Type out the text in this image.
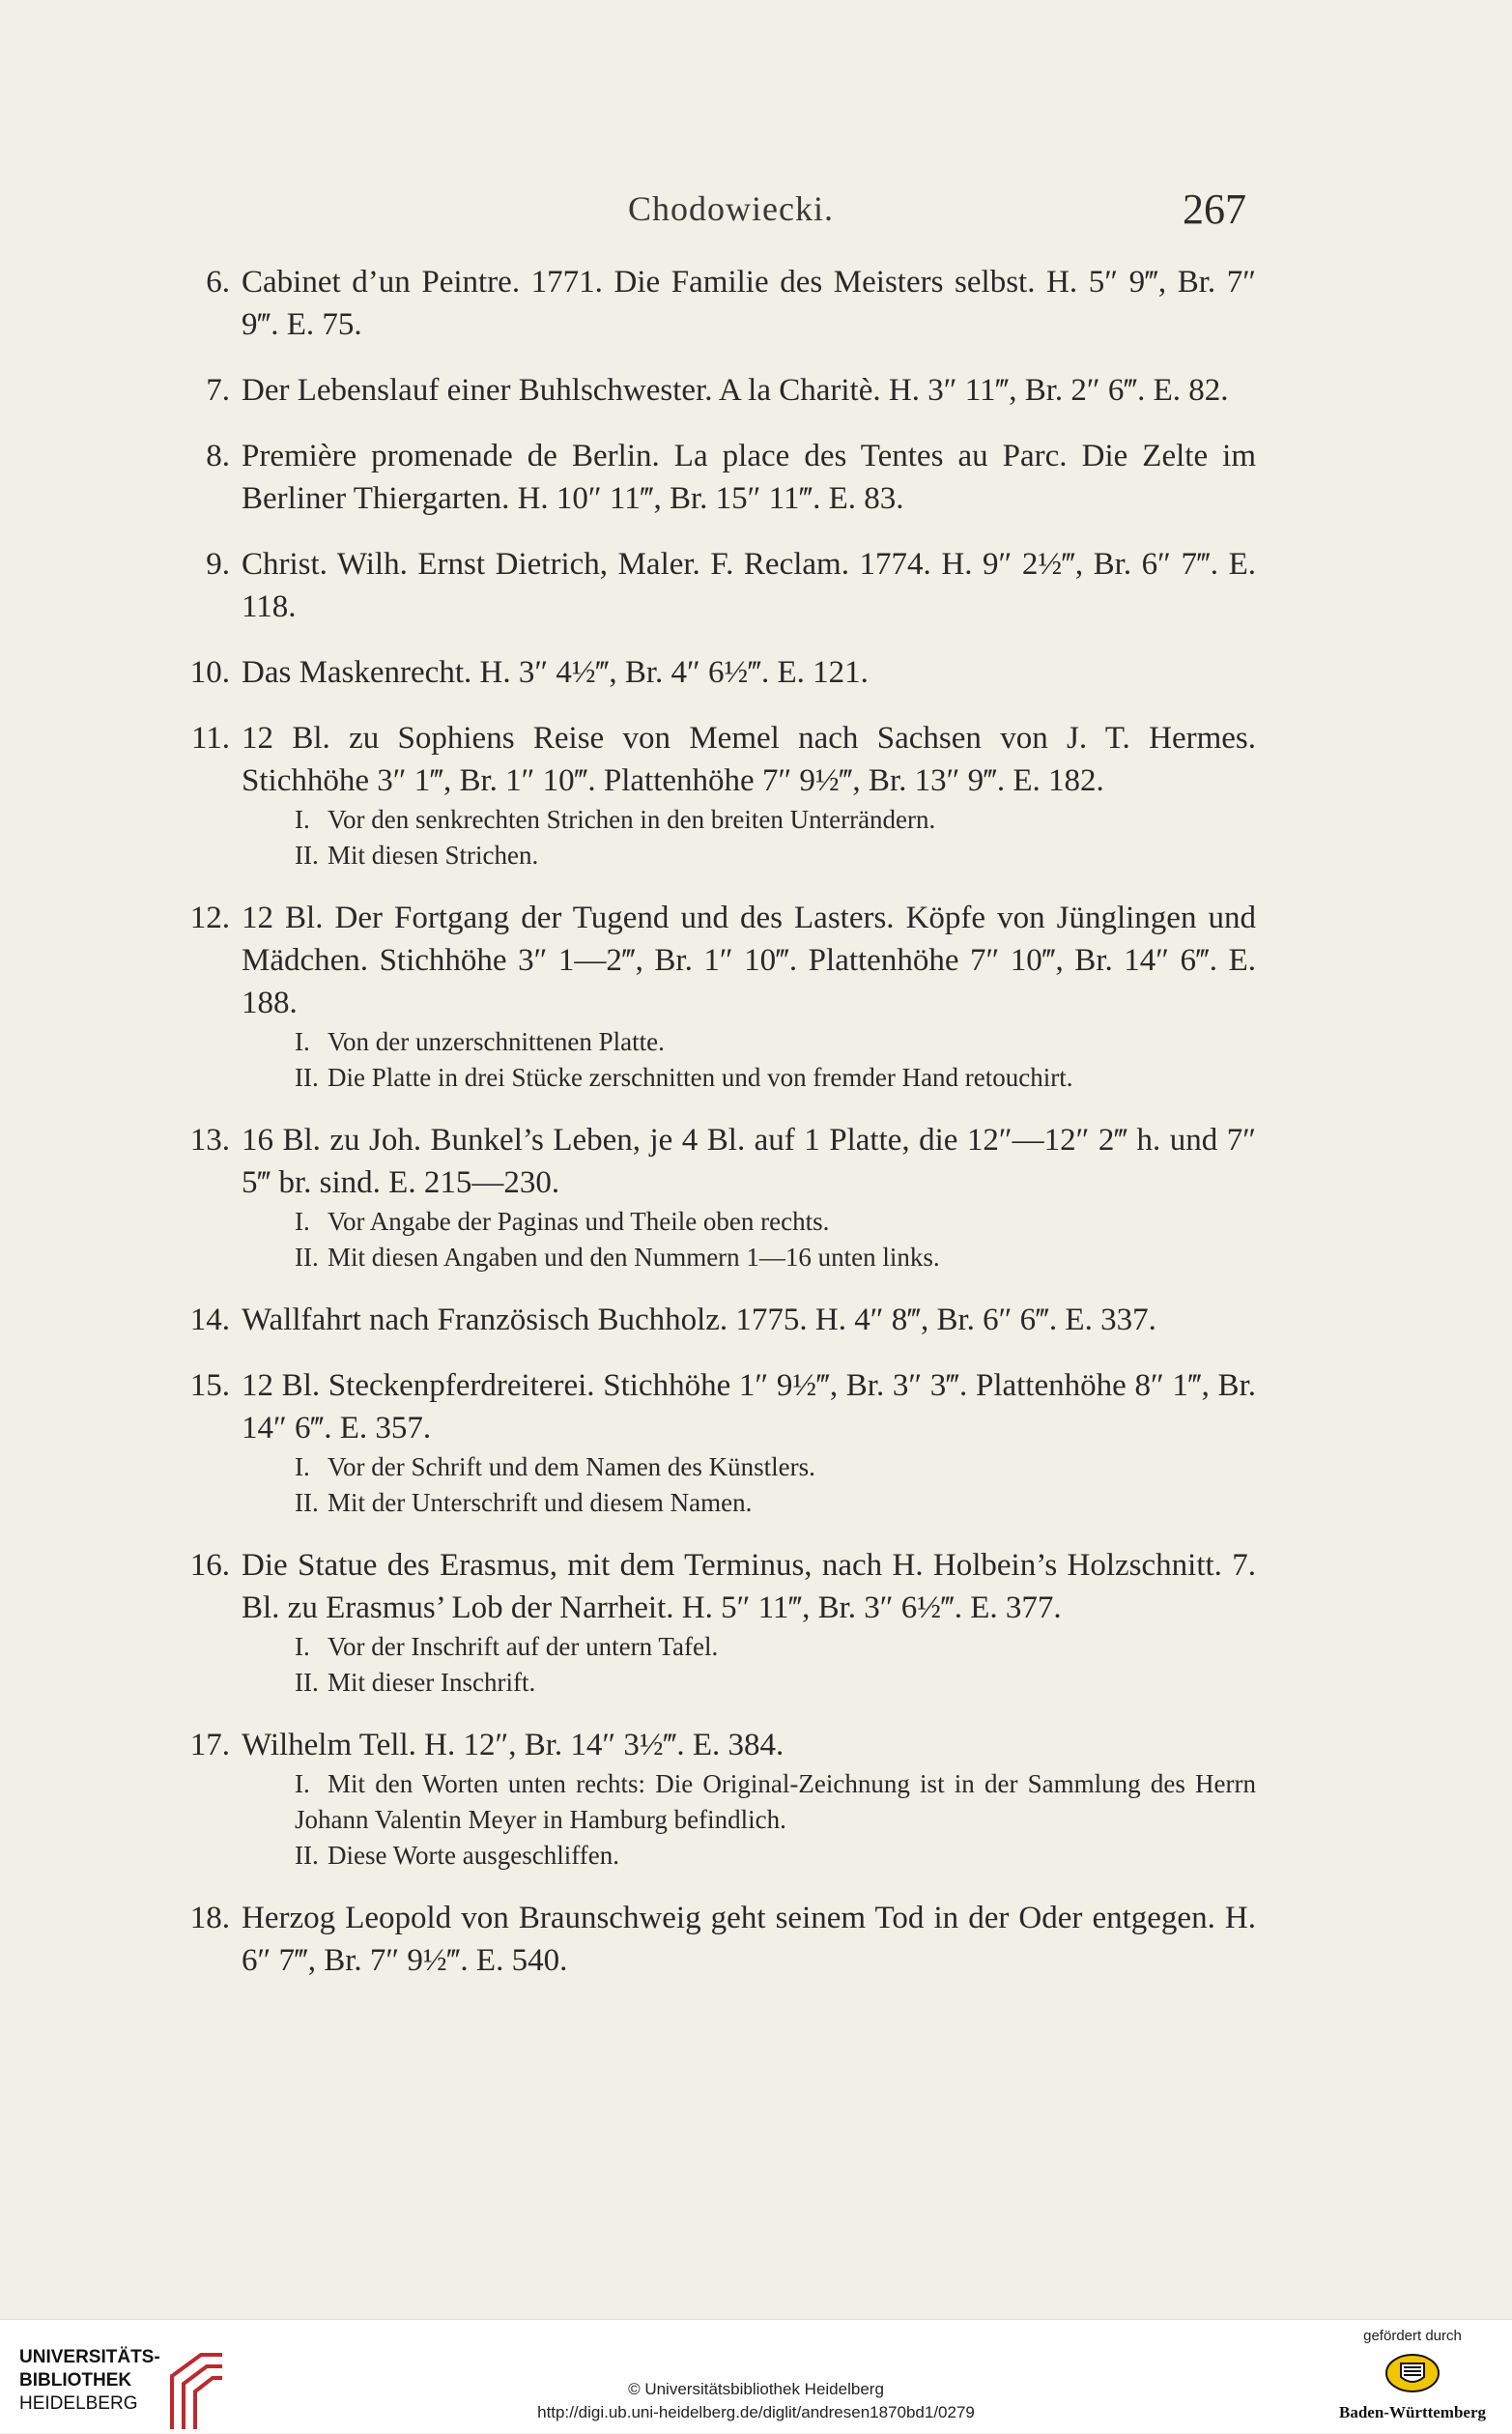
Chodowiecki.	267
6. Cabinet d’un Peintre. 1771. Die Familie des Meisters selbst. H. 5″ 9‴, Br. 7″ 9‴. E. 75.
7. Der Lebenslauf einer Buhlschwester. A la Charitè. H. 3″ 11‴, Br. 2″ 6‴. E. 82.
8. Première promenade de Berlin. La place des Tentes au Parc. Die Zelte im Berliner Thiergarten. H. 10″ 11‴, Br. 15″ 11‴. E. 83.
9. Christ. Wilh. Ernst Dietrich, Maler. F. Reclam. 1774. H. 9″ 2½‴, Br. 6″ 7‴. E. 118.
10. Das Maskenrecht. H. 3″ 4½‴, Br. 4″ 6½‴. E. 121.
11. 12 Bl. zu Sophiens Reise von Memel nach Sachsen von J. T. Hermes. Stichhöhe 3″ 1‴, Br. 1″ 10‴. Plattenhöhe 7″ 9½‴, Br. 13″ 9‴. E. 182.
I. Vor den senkrechten Strichen in den breiten Unterrändern.
II. Mit diesen Strichen.
12. 12 Bl. Der Fortgang der Tugend und des Lasters. Köpfe von Jünglingen und Mädchen. Stichhöhe 3″ 1—2‴, Br. 1″ 10‴. Plattenhöhe 7″ 10‴, Br. 14″ 6‴. E. 188.
I. Von der unzerschnittenen Platte.
II. Die Platte in drei Stücke zerschnitten und von fremder Hand retouchirt.
13. 16 Bl. zu Joh. Bunkel’s Leben, je 4 Bl. auf 1 Platte, die 12″—12″ 2‴ h. und 7″ 5‴ br. sind. E. 215—230.
I. Vor Angabe der Paginas und Theile oben rechts.
II. Mit diesen Angaben und den Nummern 1—16 unten links.
14. Wallfahrt nach Französisch Buchholz. 1775. H. 4″ 8‴, Br. 6″ 6‴. E. 337.
15. 12 Bl. Steckenpferdreiterei. Stichhöhe 1″ 9½‴, Br. 3″ 3‴. Plattenhöhe 8″ 1‴, Br. 14″ 6‴. E. 357.
I. Vor der Schrift und dem Namen des Künstlers.
II. Mit der Unterschrift und diesem Namen.
16. Die Statue des Erasmus, mit dem Terminus, nach H. Holbein’s Holzschnitt. 7. Bl. zu Erasmus’ Lob der Narrheit. H. 5″ 11‴, Br. 3″ 6½‴. E. 377.
I. Vor der Inschrift auf der untern Tafel.
II. Mit dieser Inschrift.
17. Wilhelm Tell. H. 12″, Br. 14″ 3½‴. E. 384.
I. Mit den Worten unten rechts: Die Original-Zeichnung ist in der Sammlung des Herrn Johann Valentin Meyer in Hamburg befindlich.
II. Diese Worte ausgeschliffen.
18. Herzog Leopold von Braunschweig geht seinem Tod in der Oder entgegen. H. 6″ 7‴, Br. 7″ 9½‴. E. 540.
UNIVERSITÄTS-
BIBLIOTHEK
HEIDELBERG
© Universitätsbibliothek Heidelberg
http://digi.ub.uni-heidelberg.de/diglit/andresen1870bd1/0279
gefördert durch
Baden-Württemberg
